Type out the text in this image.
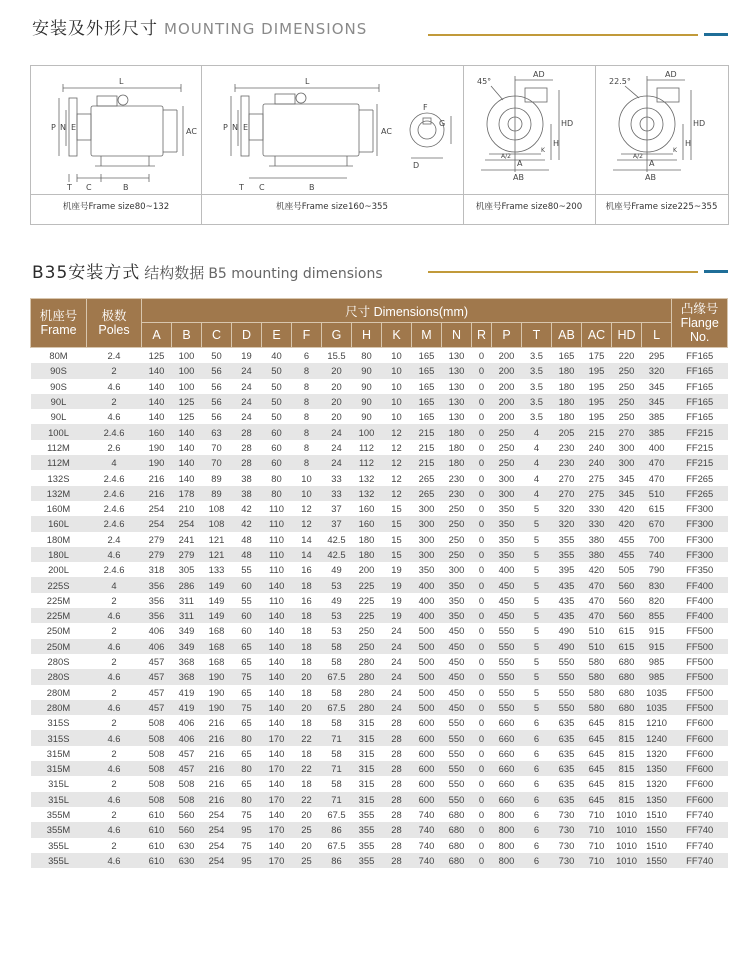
安装及外形尺寸 MOUNTING DIMENSIONS
L
P N E	AC
T C	B
机座号Frame size80~132
L
P N E	AC
T C	B
F
G
D
机座号Frame size160~355
45°
AD
HD
H
A/2
A
AB
K
机座号Frame size80~200
22.5°
AD
HD
H
A/2
A
AB
K
机座号Frame size225~355
B35安装方式 结构数据 B5 mounting dimensions
机座号
Frame	极数
Poles	尺寸 Dimensions(mm)																		凸缘号
Flange
No.
		A	B	C	D	E	F	G	H	K	M	N	R	P	T	AB	AC	HD	L	
80M	2.4	125	100	50	19	40	6	15.5	80	10	165	130	0	200	3.5	165	175	220	295	FF165
90S	2	140	100	56	24	50	8	20	90	10	165	130	0	200	3.5	180	195	250	320	FF165
90S	4.6	140	100	56	24	50	8	20	90	10	165	130	0	200	3.5	180	195	250	345	FF165
90L	2	140	125	56	24	50	8	20	90	10	165	130	0	200	3.5	180	195	250	345	FF165
90L	4.6	140	125	56	24	50	8	20	90	10	165	130	0	200	3.5	180	195	250	385	FF165
100L	2.4.6	160	140	63	28	60	8	24	100	12	215	180	0	250	4	205	215	270	385	FF215
112M	2.6	190	140	70	28	60	8	24	112	12	215	180	0	250	4	230	240	300	400	FF215
112M	4	190	140	70	28	60	8	24	112	12	215	180	0	250	4	230	240	300	470	FF215
132S	2.4.6	216	140	89	38	80	10	33	132	12	265	230	0	300	4	270	275	345	470	FF265
132M	2.4.6	216	178	89	38	80	10	33	132	12	265	230	0	300	4	270	275	345	510	FF265
160M	2.4.6	254	210	108	42	110	12	37	160	15	300	250	0	350	5	320	330	420	615	FF300
160L	2.4.6	254	254	108	42	110	12	37	160	15	300	250	0	350	5	320	330	420	670	FF300
180M	2.4	279	241	121	48	110	14	42.5	180	15	300	250	0	350	5	355	380	455	700	FF300
180L	4.6	279	279	121	48	110	14	42.5	180	15	300	250	0	350	5	355	380	455	740	FF300
200L	2.4.6	318	305	133	55	110	16	49	200	19	350	300	0	400	5	395	420	505	790	FF350
225S	4	356	286	149	60	140	18	53	225	19	400	350	0	450	5	435	470	560	830	FF400
225M	2	356	311	149	55	110	16	49	225	19	400	350	0	450	5	435	470	560	820	FF400
225M	4.6	356	311	149	60	140	18	53	225	19	400	350	0	450	5	435	470	560	855	FF400
250M	2	406	349	168	60	140	18	53	250	24	500	450	0	550	5	490	510	615	915	FF500
250M	4.6	406	349	168	65	140	18	58	250	24	500	450	0	550	5	490	510	615	915	FF500
280S	2	457	368	168	65	140	18	58	280	24	500	450	0	550	5	550	580	680	985	FF500
280S	4.6	457	368	190	75	140	20	67.5	280	24	500	450	0	550	5	550	580	680	985	FF500
280M	2	457	419	190	65	140	18	58	280	24	500	450	0	550	5	550	580	680	1035	FF500
280M	4.6	457	419	190	75	140	20	67.5	280	24	500	450	0	550	5	550	580	680	1035	FF500
315S	2	508	406	216	65	140	18	58	315	28	600	550	0	660	6	635	645	815	1210	FF600
315S	4.6	508	406	216	80	170	22	71	315	28	600	550	0	660	6	635	645	815	1240	FF600
315M	2	508	457	216	65	140	18	58	315	28	600	550	0	660	6	635	645	815	1320	FF600
315M	4.6	508	457	216	80	170	22	71	315	28	600	550	0	660	6	635	645	815	1350	FF600
315L	2	508	508	216	65	140	18	58	315	28	600	550	0	660	6	635	645	815	1320	FF600
315L	4.6	508	508	216	80	170	22	71	315	28	600	550	0	660	6	635	645	815	1350	FF600
355M	2	610	560	254	75	140	20	67.5	355	28	740	680	0	800	6	730	710	1010	1510	FF740
355M	4.6	610	560	254	95	170	25	86	355	28	740	680	0	800	6	730	710	1010	1550	FF740
355L	2	610	630	254	75	140	20	67.5	355	28	740	680	0	800	6	730	710	1010	1510	FF740
355L	4.6	610	630	254	95	170	25	86	355	28	740	680	0	800	6	730	710	1010	1550	FF740
